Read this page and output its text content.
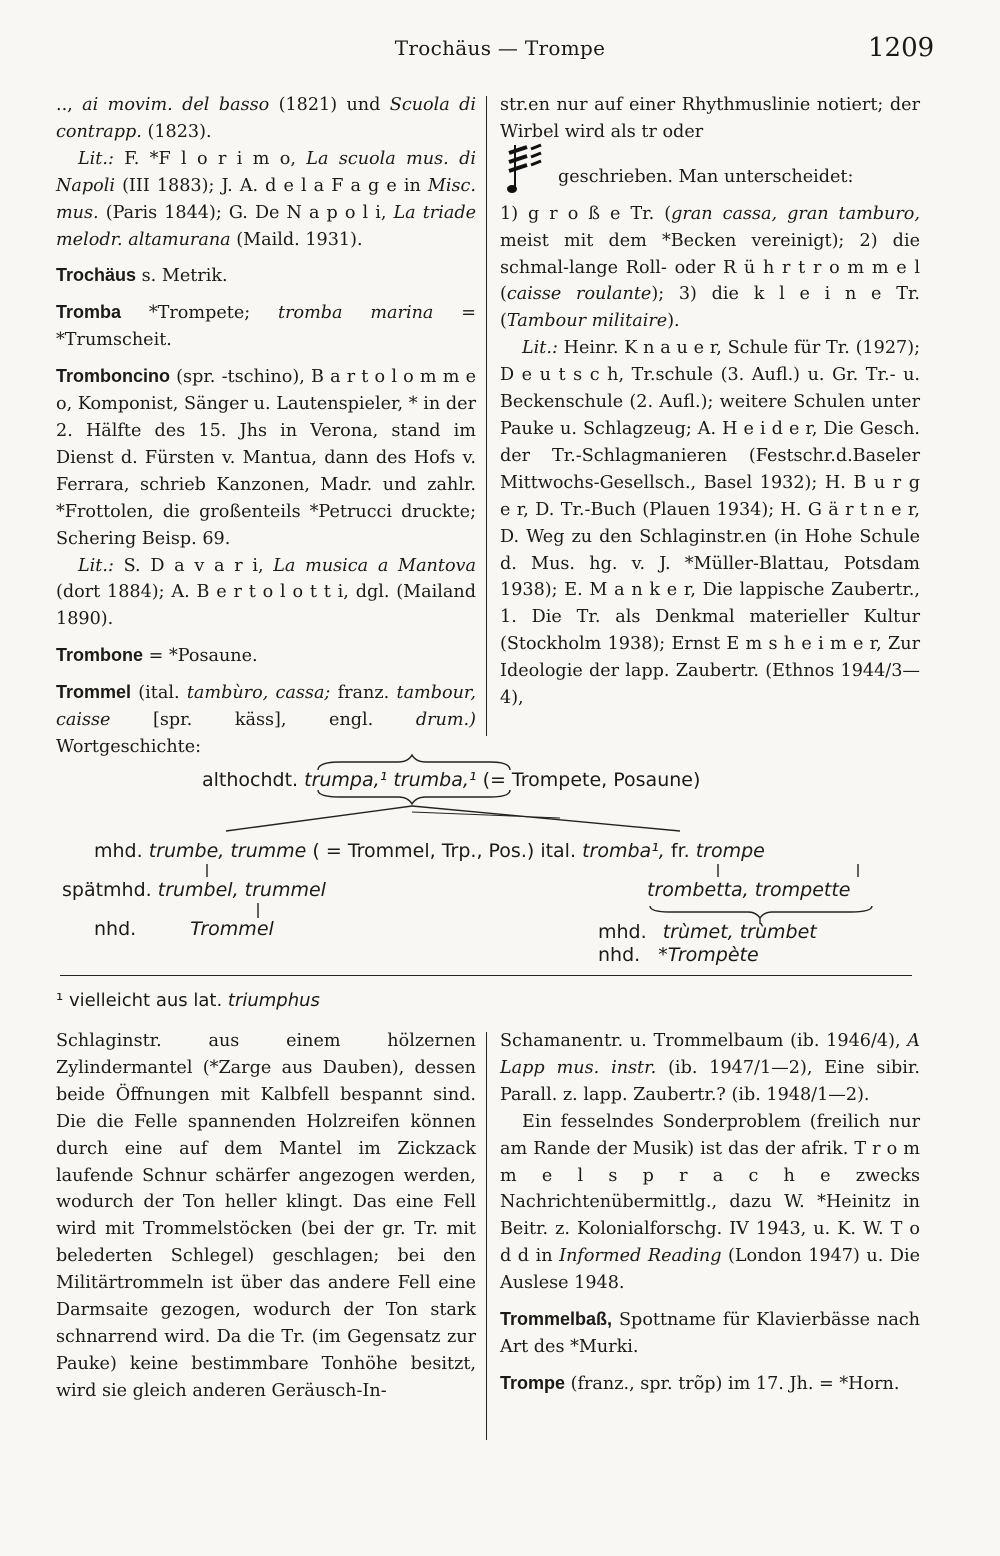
Trochäus — Trompe	1209

.., ai movim. del basso (1821) und Scuola di contrapp. (1823).

Lit.: F. *F l o r i m o, La scuola mus. di Napoli (III 1883); J. A. d e l a F a g e in Misc. mus. (Paris 1844); G. De N a p o l i, La triade melodr. altamurana (Maild. 1931).

Trochäus s. Metrik.

Tromba *Trompete; tromba marina = *Trumscheit.

Tromboncino (spr. -tschino), B a r t o l o m m e o, Komponist, Sänger u. Lautenspieler, * in der 2. Hälfte des 15. Jhs in Verona, stand im Dienst d. Fürsten v. Mantua, dann des Hofs v. Ferrara, schrieb Kanzonen, Madr. und zahlr. *Frottolen, die großenteils *Petrucci druckte; Schering Beisp. 69.

Lit.: S. D a v a r i, La musica a Mantova (dort 1884); A. B e r t o l o t t i, dgl. (Mailand 1890).

Trombone = *Posaune.

Trommel (ital. tambùro, cassa; franz. tambour, caisse [spr. käss], engl. drum.) Wortgeschichte:

str.en nur auf einer Rhythmuslinie notiert; der Wirbel wird als tr oder

geschrieben. Man unterscheidet:

1) g r o ß e Tr. (gran cassa, gran tamburo, meist mit dem *Becken vereinigt); 2) die schmal-lange Roll- oder R ü h r t r o m m e l (caisse roulante); 3) die k l e i n e Tr. (Tambour militaire).

Lit.: Heinr. K n a u e r, Schule für Tr. (1927); D e u t s c h, Tr.schule (3. Aufl.) u. Gr. Tr.- u. Beckenschule (2. Aufl.); weitere Schulen unter Pauke u. Schlagzeug; A. H e i d e r, Die Gesch. der Tr.-Schlagmanieren (Festschr.d.Baseler Mittwochs-Gesellsch., Basel 1932); H. B u r g e r, D. Tr.-Buch (Plauen 1934); H. G ä r t n e r, D. Weg zu den Schlaginstr.en (in Hohe Schule d. Mus. hg. v. J. *Müller-Blattau, Potsdam 1938); E. M a n k e r, Die lappische Zaubertr., 1. Die Tr. als Denkmal materieller Kultur (Stockholm 1938); Ernst E m s h e i m e r, Zur Ideologie der lapp. Zaubertr. (Ethnos 1944/3—4),

althochdt. trumpa,¹ trumba,¹ (= Trompete, Posaune)
mhd. trumbe, trumme ( = Trommel, Trp., Pos.) ital. tromba¹, fr. trompe
spätmhd. trumbel, trummel	trombetta, trompette
nhd.	Trommel	mhd. trùmet, trùmbet
nhd. *Trompète
¹ vielleicht aus lat. triumphus

Schlaginstr. aus einem hölzernen Zylindermantel (*Zarge aus Dauben), dessen beide Öffnungen mit Kalbfell bespannt sind. Die die Felle spannenden Holzreifen können durch eine auf dem Mantel im Zickzack laufende Schnur schärfer angezogen werden, wodurch der Ton heller klingt. Das eine Fell wird mit Trommelstöcken (bei der gr. Tr. mit belederten Schlegel) geschlagen; bei den Militärtrommeln ist über das andere Fell eine Darmsaite gezogen, wodurch der Ton stark schnarrend wird. Da die Tr. (im Gegensatz zur Pauke) keine bestimmbare Tonhöhe besitzt, wird sie gleich anderen Geräusch-In-

Schamanentr. u. Trommelbaum (ib. 1946/4), A Lapp mus. instr. (ib. 1947/1—2), Eine sibir. Parall. z. lapp. Zaubertr.? (ib. 1948/1—2).

Ein fesselndes Sonderproblem (freilich nur am Rande der Musik) ist das der afrik. T r o m m e l s p r a c h e zwecks Nachrichtenübermittlg., dazu W. *Heinitz in Beitr. z. Kolonialforschg. IV 1943, u. K. W. T o d d in Informed Reading (London 1947) u. Die Auslese 1948.

Trommelbaß, Spottname für Klavierbässe nach Art des *Murki.

Trompe (franz., spr. trõp) im 17. Jh. = *Horn.
